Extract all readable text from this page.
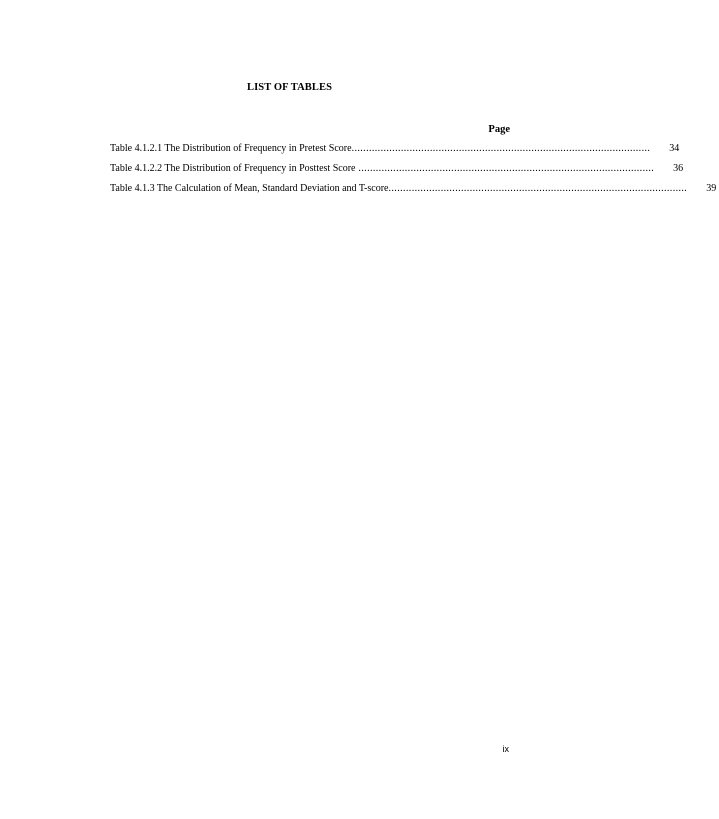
LIST OF TABLES
Page
Table 4.1.2.1 The Distribution of Frequency in Pretest Score .......................................................................................................	34
Table 4.1.2.2 The Distribution of Frequency in Posttest Score ......................................................................................................	36
Table 4.1.3 The Calculation of Mean, Standard Deviation and T-score .......................................................................................................	39
ix
